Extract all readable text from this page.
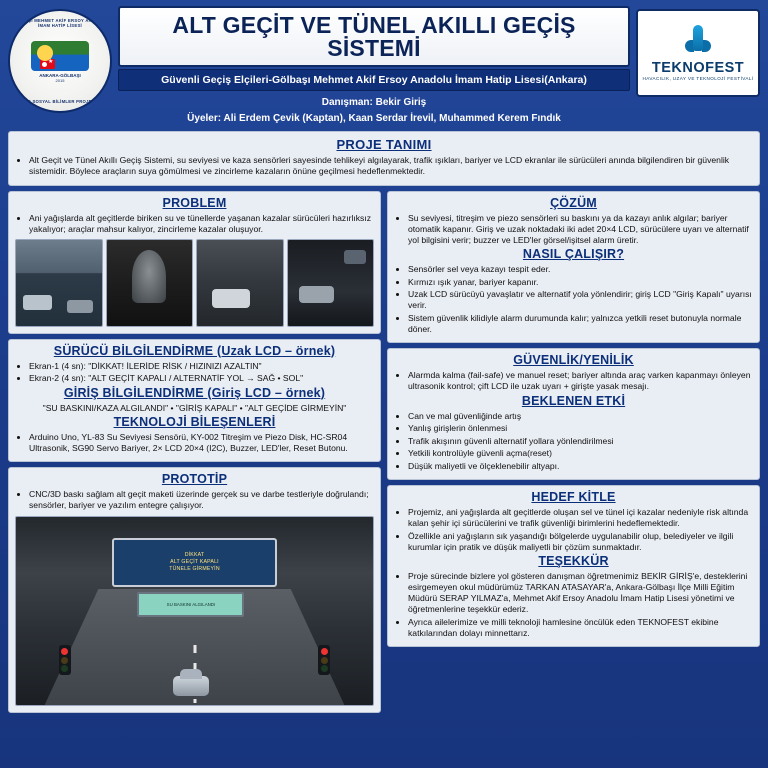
GÖLBAŞI MEHMET AKİF ERSOY ANADOLU İMAM HATİP LİSESİ
★
ANKARA-GÖLBAŞI
2015
FEN VE SOSYAL BİLİMLER PROJE EKİBİ
ALT GEÇİT VE TÜNEL AKILLI GEÇİŞ SİSTEMİ
Güvenli Geçiş Elçileri-Gölbaşı Mehmet Akif Ersoy Anadolu İmam Hatip Lisesi(Ankara)
Danışman: Bekir Giriş
Üyeler: Ali Erdem Çevik (Kaptan), Kaan Serdar İrevil, Muhammed Kerem Fındık
TEKNOFEST
HAVACILIK, UZAY VE TEKNOLOJİ FESTİVALİ
PROJE TANIMI
• Alt Geçit ve Tünel Akıllı Geçiş Sistemi, su seviyesi ve kaza sensörleri sayesinde tehlikeyi algılayarak, trafik ışıkları, bariyer ve LCD ekranlar ile sürücüleri anında bilgilendiren bir güvenlik sistemidir. Böylece araçların suya gömülmesi ve zincirleme kazaların önüne geçilmesi hedeflenmektedir.
PROBLEM
• Ani yağışlarda alt geçitlerde biriken su ve tünellerde yaşanan kazalar sürücüleri hazırlıksız yakalıyor; araçlar mahsur kalıyor, zincirleme kazalar oluşuyor.
SÜRÜCÜ BİLGİLENDİRME (Uzak LCD – örnek)
• Ekran-1 (4 sn): "DİKKAT! İLERİDE RİSK / HIZINIZI AZALTIN"
• Ekran-2 (4 sn): "ALT GEÇİT KAPALI / ALTERNATİF YOL → SAĞ • SOL"
GİRİŞ BİLGİLENDİRME (Giriş LCD – örnek)

"SU BASKINI/KAZA ALGILANDI" • "GİRİŞ KAPALI" • "ALT GEÇİDE GİRMEYİN"

TEKNOLOJİ BİLEŞENLERİ
• Arduino Uno, YL-83 Su Seviyesi Sensörü, KY-002 Titreşim ve Piezo Disk, HC-SR04 Ultrasonik, SG90 Servo Bariyer, 2× LCD 20×4 (I2C), Buzzer, LED'ler, Reset Butonu.
PROTOTİP
• CNC/3D baskı sağlam alt geçit maketi üzerinde gerçek su ve darbe testleriyle doğrulandı; sensörler, bariyer ve yazılım entegre çalışıyor.
DİKKAT
ALT GEÇİT KAPALI
TÜNELE GİRMEYİN
SU BASKINI ALGILANDI
ÇÖZÜM
• Su seviyesi, titreşim ve piezo sensörleri su baskını ya da kazayı anlık algılar; bariyer otomatik kapanır. Giriş ve uzak noktadaki iki adet 20×4 LCD, sürücülere uyarı ve alternatif yol bilgisini verir; buzzer ve LED'ler görsel/işitsel alarm üretir.
NASIL ÇALIŞIR?
• Sensörler sel veya kazayı tespit eder.
• Kırmızı ışık yanar, bariyer kapanır.
• Uzak LCD sürücüyü yavaşlatır ve alternatif yola yönlendirir; giriş LCD "Giriş Kapalı" uyarısı verir.
• Sistem güvenlik kilidiyle alarm durumunda kalır; yalnızca yetkili reset butonuyla normale döner.
GÜVENLİK/YENİLİK
• Alarmda kalma (fail-safe) ve manuel reset; bariyer altında araç varken kapanmayı önleyen ultrasonik kontrol; çift LCD ile uzak uyarı + girişte yasak mesajı.
BEKLENEN ETKİ
• Can ve mal güvenliğinde artış
• Yanlış girişlerin önlenmesi
• Trafik akışının güvenli alternatif yollara yönlendirilmesi
• Yetkili kontrolüyle güvenli açma(reset)
• Düşük maliyetli ve ölçeklenebilir altyapı.
HEDEF KİTLE
• Projemiz, ani yağışlarda alt geçitlerde oluşan sel ve tünel içi kazalar nedeniyle risk altında kalan şehir içi sürücülerini ve trafik güvenliği birimlerini hedeflemektedir.
• Özellikle ani yağışların sık yaşandığı bölgelerde uygulanabilir olup, belediyeler ve ilgili kurumlar için pratik ve düşük maliyetli bir çözüm sunmaktadır.
TEŞEKKÜR
• Proje sürecinde bizlere yol gösteren danışman öğretmenimiz BEKİR GİRİŞ'e, desteklerini esirgemeyen okul müdürümüz TARKAN ATASAYAR'a, Ankara-Gölbaşı İlçe Milli Eğitim Müdürü SERAP YILMAZ'a, Mehmet Akif Ersoy Anadolu İmam Hatip Lisesi yönetimi ve öğretmenlerine teşekkür ederiz.
• Ayrıca ailelerimize ve milli teknoloji hamlesine öncülük eden TEKNOFEST ekibine katkılarından dolayı minnettarız.
